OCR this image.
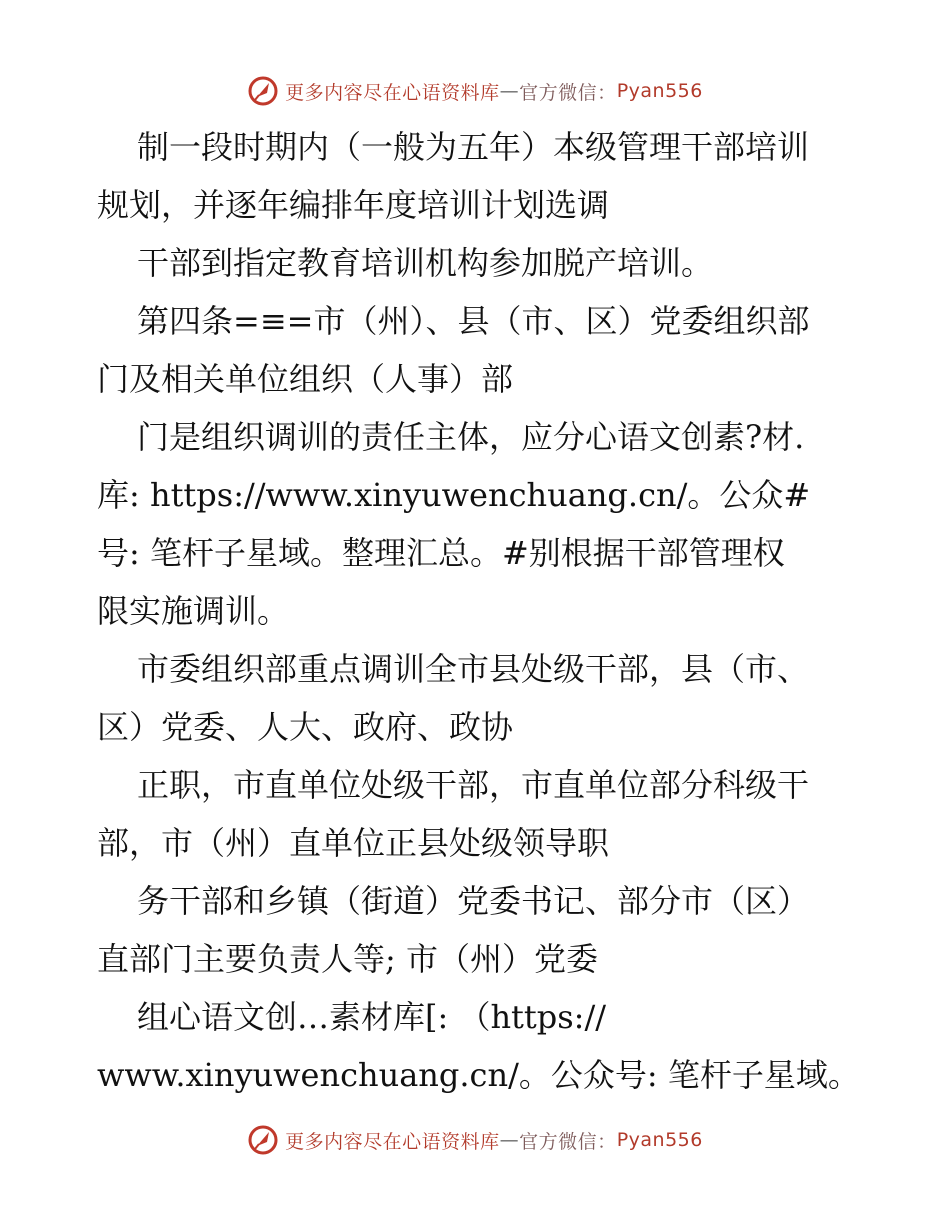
更多内容尽在心语资料库 — 官方微信： Pyan556
制一段时期内（一般为五年）本级管理干部培训
规划，并逐年编排年度培训计划选调
干部到指定教育培训机构参加脱产培训。
第四条=≡=市（州）、县（市、区）党委组织部
门及相关单位组织（人事）部
门是组织调训的责任主体，应分心语文创素?材.
库: https://www.xinyuwenchuang.cn/。公众#
号: 笔杆子星域。整理汇总。#别根据干部管理权
限实施调训。
市委组织部重点调训全市县处级干部，县（市、
区）党委、人大、政府、政协
正职，市直单位处级干部，市直单位部分科级干
部，市（州）直单位正县处级领导职
务干部和乡镇（街道）党委书记、部分市（区）
直部门主要负责人等; 市（州）党委
组心语文创…素材库[: （https://
www.xinyuwenchuang.cn/。公众号: 笔杆子星域。
更多内容尽在心语资料库 — 官方微信： Pyan556
